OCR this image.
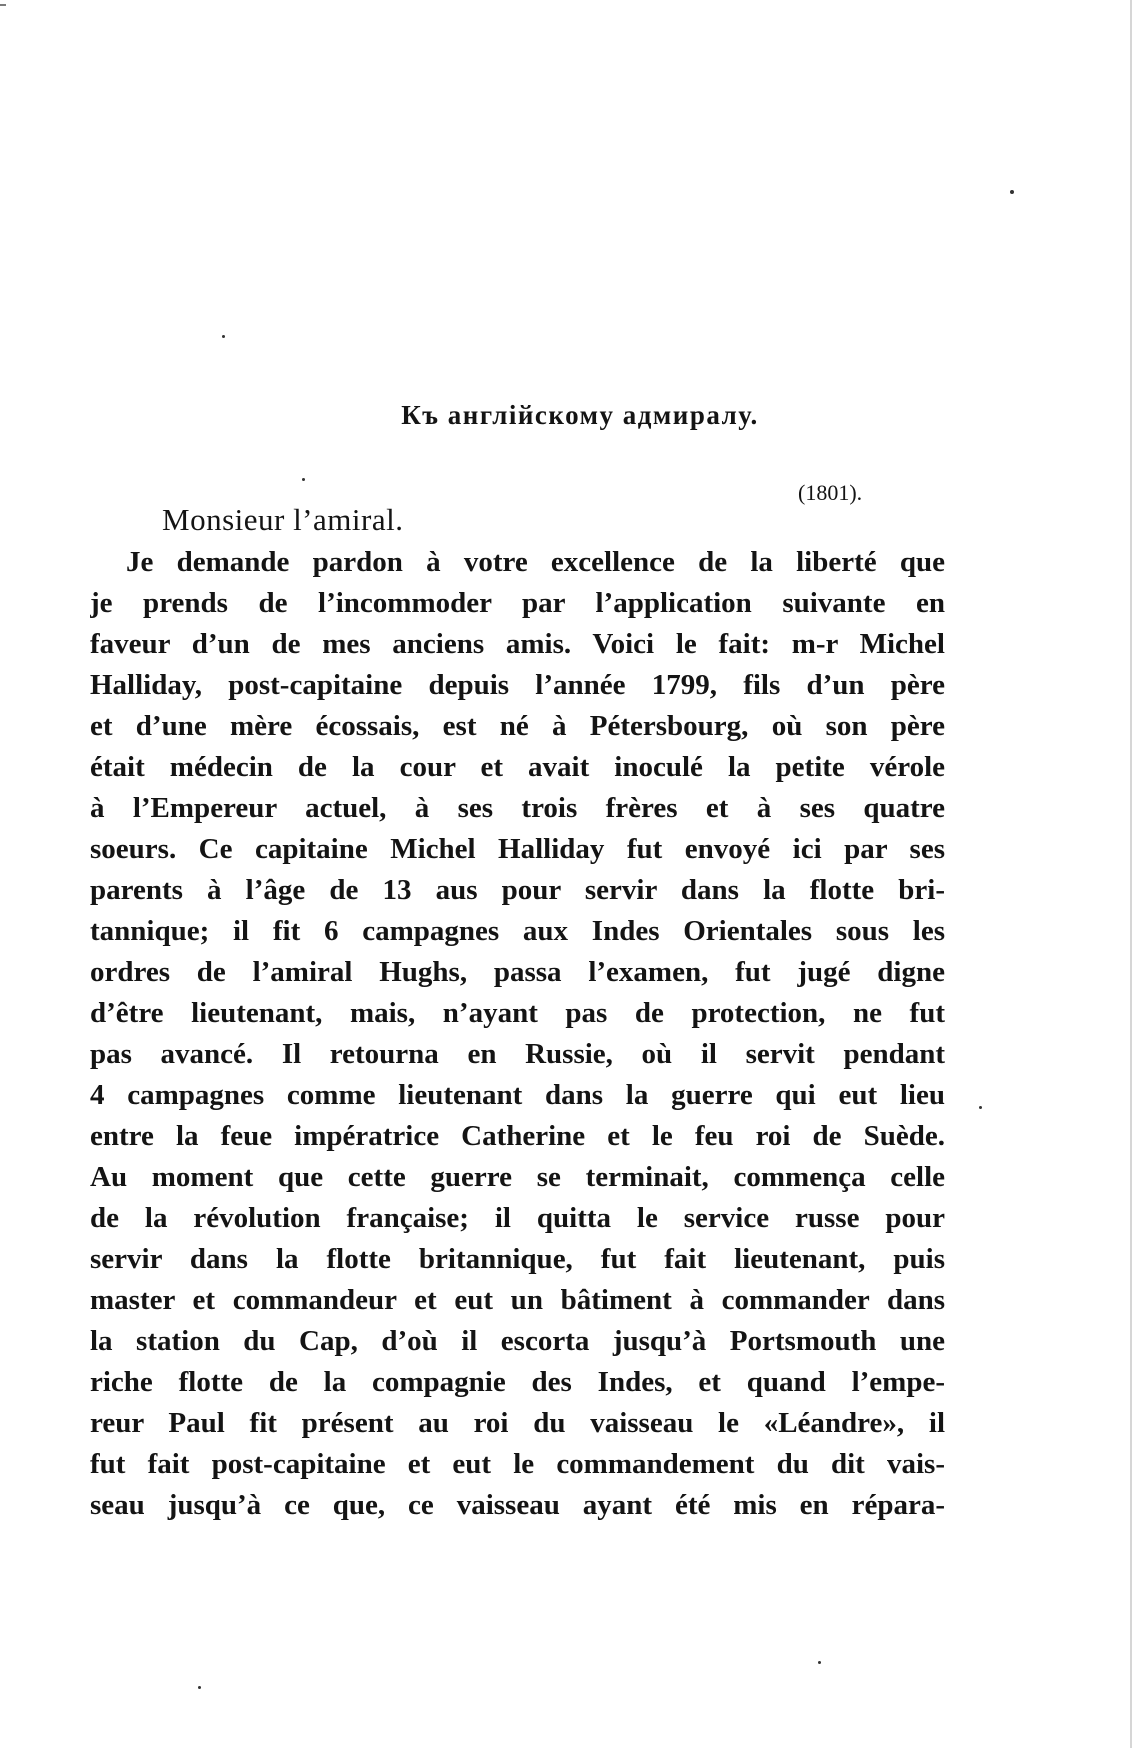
Къ англійскому адмиралу.
(1801).
Monsieur l’amiral.
Je demande pardon à votre excellence de la liberté que
je prends de l’incommoder par l’application suivante en
faveur d’un de mes anciens amis. Voici le fait: m-r Michel
Halliday, post-capitaine depuis l’année 1799, fils d’un père
et d’une mère écossais, est né à Pétersbourg, où son père
était médecin de la cour et avait inoculé la petite vérole
à l’Empereur actuel, à ses trois frères et à ses quatre
soeurs. Ce capitaine Michel Halliday fut envoyé ici par ses
parents à l’âge de 13 aus pour servir dans la flotte bri-
tannique; il fit 6 campagnes aux Indes Orientales sous les
ordres de l’amiral Hughs, passa l’examen, fut jugé digne
d’être lieutenant, mais, n’ayant pas de protection, ne fut
pas avancé. Il retourna en Russie, où il servit pendant
4 campagnes comme lieutenant dans la guerre qui eut lieu
entre la feue impératrice Catherine et le feu roi de Suède.
Au moment que cette guerre se terminait, commença celle
de la révolution française; il quitta le service russe pour
servir dans la flotte britannique, fut fait lieutenant, puis
master et commandeur et eut un bâtiment à commander dans
la station du Cap, d’où il escorta jusqu’à Portsmouth une
riche flotte de la compagnie des Indes, et quand l’empe-
reur Paul fit présent au roi du vaisseau le «Léandre», il
fut fait post-capitaine et eut le commandement du dit vais-
seau jusqu’à ce que, ce vaisseau ayant été mis en répara-
